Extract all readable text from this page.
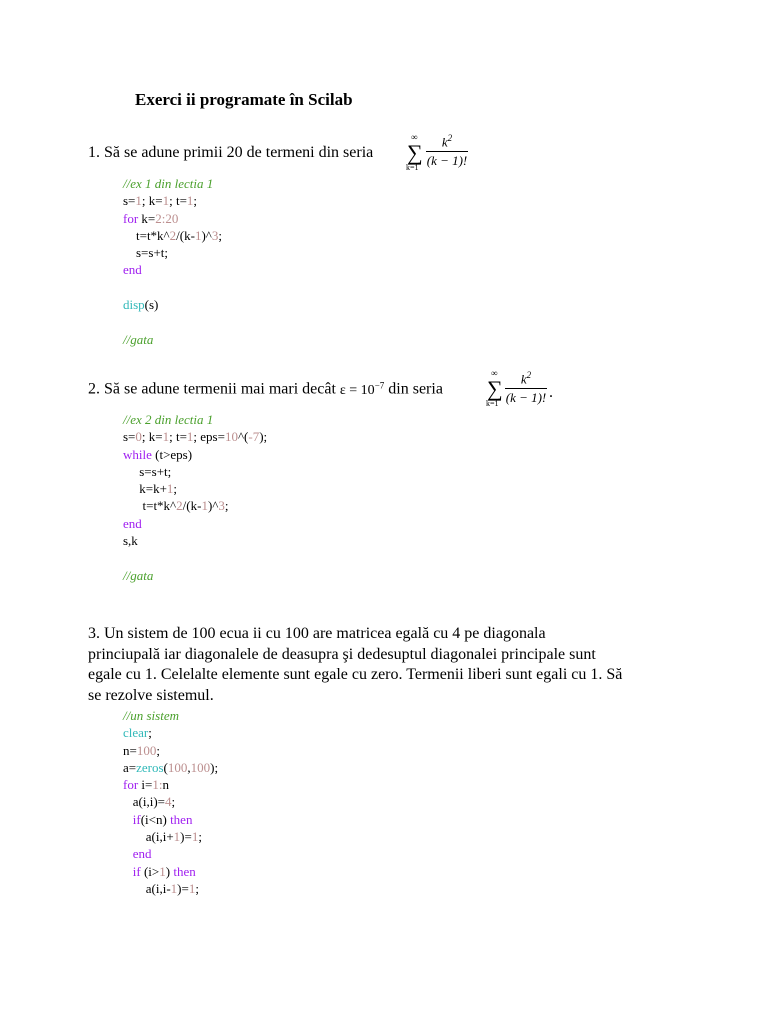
Exerci ii programate în Scilab
1. Să se adune primii 20 de termeni din seria ∑
∞
k=1
$k^2$
(k − 1)!
//ex 1 din lectia 1
s=1; k=1; t=1;
for k=2:20
t=t*k^2/(k-1)^3;
s=s+t;
end
disp(s)
//gata
2. Să se adune termenii mai mari decât $\varepsilon = 10^{-7}$ din seria ∑
∞
k=1
$k^2$
(k − 1)! .
//ex 2 din lectia 1
s=0; k=1; t=1; eps=10^(-7);
while (t>eps)
s=s+t;
k=k+1;
t=t*k^2/(k-1)^3;
end
s,k
//gata
3. Un sistem de 100 ecua ii cu 100 are matricea egală cu 4 pe diagonala
princiupală iar diagonalele de deasupra şi dedesuptul diagonalei principale sunt
egale cu 1. Celelalte elemente sunt egale cu zero. Termenii liberi sunt egali cu 1. Să
se rezolve sistemul.
//un sistem
clear;
n=100;
a=zeros(100,100);
for i=1:n
a(i,i)=4;
if(i<n) then
a(i,i+1)=1;
end
if (i>1) then
a(i,i-1)=1;
